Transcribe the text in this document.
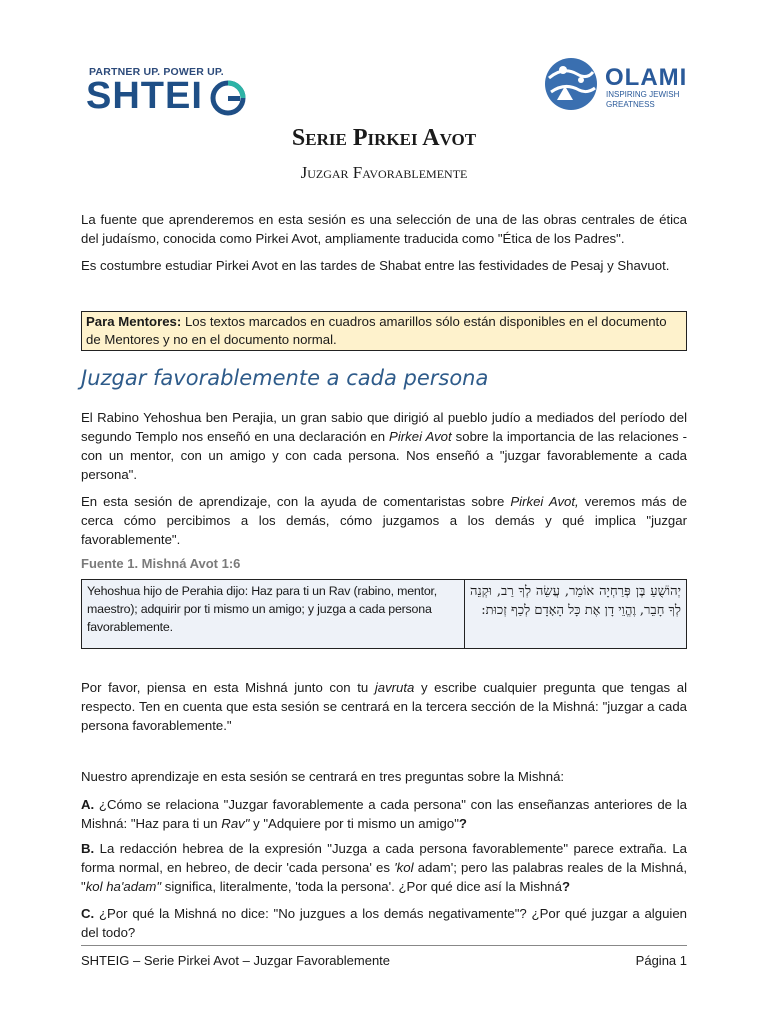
PARTNER UP. POWER UP.
SHTEI	OLAMI
INSPIRING JEWISH GREATNESS
Serie Pirkei Avot
Juzgar Favorablemente

La fuente que aprenderemos en esta sesión es una selección de una de las obras centrales de ética del judaísmo, conocida como Pirkei Avot, ampliamente traducida como "Ética de los Padres".

Es costumbre estudiar Pirkei Avot en las tardes de Shabat entre las festividades de Pesaj y Shavuot.

Para Mentores: Los textos marcados en cuadros amarillos sólo están disponibles en el documento de Mentores y no en el documento normal.
Juzgar favorablemente a cada persona

El Rabino Yehoshua ben Perajia, un gran sabio que dirigió al pueblo judío a mediados del período del segundo Templo nos enseñó en una declaración en Pirkei Avot sobre la importancia de las relaciones - con un mentor, con un amigo y con cada persona. Nos enseñó a "juzgar favorablemente a cada persona".

En esta sesión de aprendizaje, con la ayuda de comentaristas sobre Pirkei Avot, veremos más de cerca cómo percibimos a los demás, cómo juzgamos a los demás y qué implica "juzgar favorablemente".

Fuente 1. Mishná Avot 1:6
Yehoshua hijo de Perahia dijo: Haz para ti un Rav (rabino, mentor, maestro); adquirir por ti mismo un amigo; y juzga a cada persona favorablemente.	יְהוֹשֻׁעַ בֶּן פְּרַחְיָה אוֹמֵר, עֲשֵׂה לְךָ רַב, וּקְנֵה לְךָ חָבֵר, וֶהֱוֵי דָן אֶת כָּל הָאָדָם לְכַף זְכוּת:

Por favor, piensa en esta Mishná junto con tu javruta y escribe cualquier pregunta que tengas al respecto. Ten en cuenta que esta sesión se centrará en la tercera sección de la Mishná: "juzgar a cada persona favorablemente."

Nuestro aprendizaje en esta sesión se centrará en tres preguntas sobre la Mishná:

A. ¿Cómo se relaciona "Juzgar favorablemente a cada persona" con las enseñanzas anteriores de la Mishná: "Haz para ti un Rav" y "Adquiere por ti mismo un amigo"?

B. La redacción hebrea de la expresión "Juzga a cada persona favorablemente" parece extraña. La forma normal, en hebreo, de decir 'cada persona' es 'kol adam'; pero las palabras reales de la Mishná, "kol ha'adam" significa, literalmente, 'toda la persona'. ¿Por qué dice así la Mishná?

C. ¿Por qué la Mishná no dice: "No juzgues a los demás negativamente"? ¿Por qué juzgar a alguien del todo?

SHTEIG – Serie Pirkei Avot – Juzgar Favorablemente	Página 1
